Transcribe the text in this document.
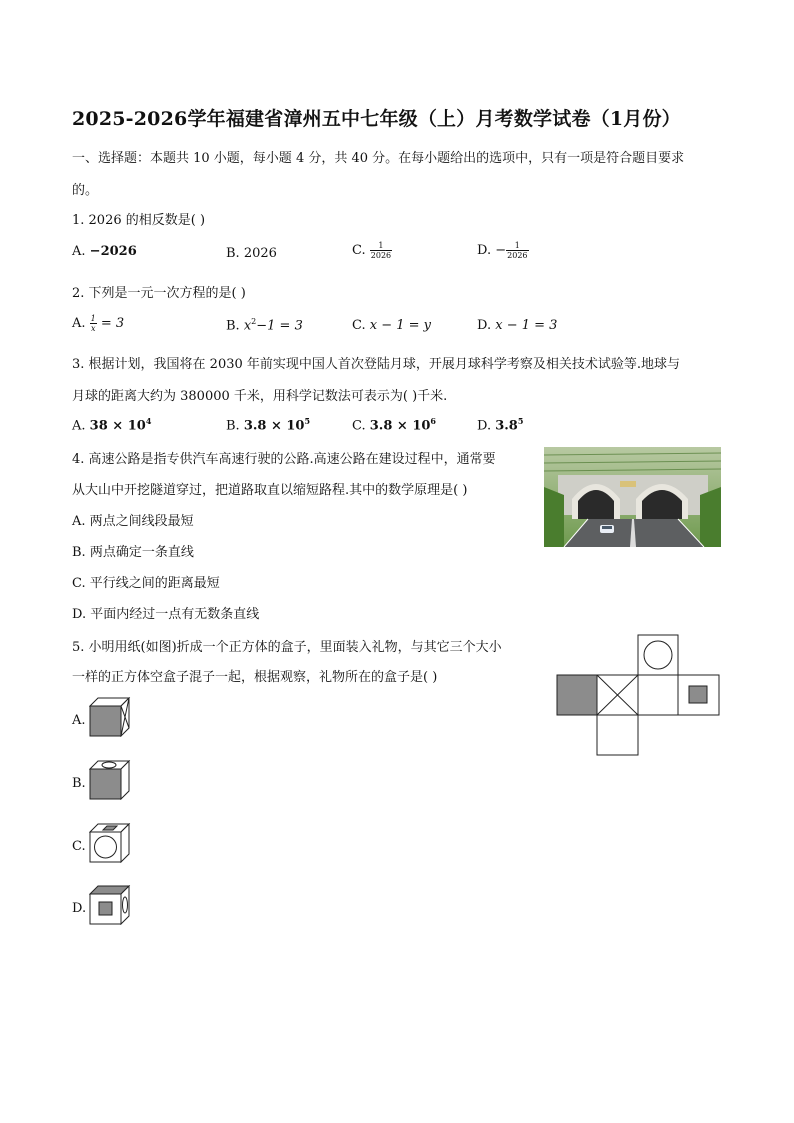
2025-2026学年福建省漳州五中七年级（上）月考数学试卷（1月份）
一、选择题：本题共 10 小题，每小题 4 分，共 40 分。在每小题给出的选项中，只有一项是符合题目要求
的。
1. 2026 的相反数是( )
A. −2026	B. 2026	C. $\frac{1}{2026}$	D. − $\frac{1}{2026}$
2. 下列是一元一次方程的是( )
A. $\frac{1}{x} = 3$	B. $x^2-1 = 3$	C. x − 1 = y	D. x − 1 = 3
3. 根据计划，我国将在 2030 年前实现中国人首次登陆月球，开展月球科学考察及相关技术试验等.地球与
月球的距离大约为 380000 千米，用科学记数法可表示为( )千米.
A. $38 \times 10^4$	B. $3.8 \times 10^5$	C. $3.8 \times 10^6$	D. $3.8^5$
4. 高速公路是指专供汽车高速行驶的公路.高速公路在建设过程中，通常要
从大山中开挖隧道穿过，把道路取直以缩短路程.其中的数学原理是( )
A. 两点之间线段最短
B. 两点确定一条直线
C. 平行线之间的距离最短
D. 平面内经过一点有无数条直线
5. 小明用纸(如图)折成一个正方体的盒子，里面装入礼物，与其它三个大小
一样的正方体空盒子混子一起，根据观察，礼物所在的盒子是( )
A.
B.
C.
D.
